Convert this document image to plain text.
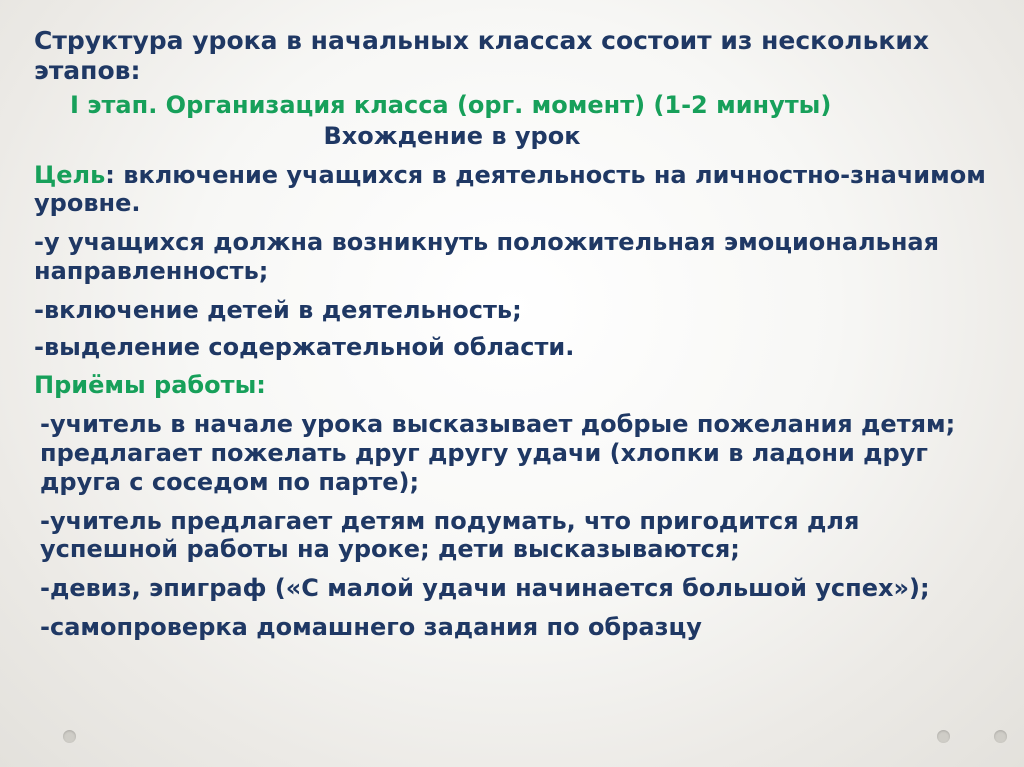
Структура урока в начальных классах состоит из нескольких этапов:

I этап. Организация класса (орг. момент) (1-2 минуты)

Вхождение в урок

Цель: включение учащихся в деятельность на личностно-значимом уровне.

-у учащихся должна возникнуть положительная эмоциональная направленность;

-включение детей в деятельность;

-выделение содержательной области.

Приёмы работы:

-учитель в начале урока высказывает добрые пожелания детям; предлагает пожелать друг другу удачи (хлопки в ладони друг друга с соседом по парте);

-учитель предлагает детям подумать, что пригодится для успешной работы на уроке; дети высказываются;

-девиз, эпиграф («С малой удачи начинается большой успех»);

-самопроверка домашнего задания по образцу
